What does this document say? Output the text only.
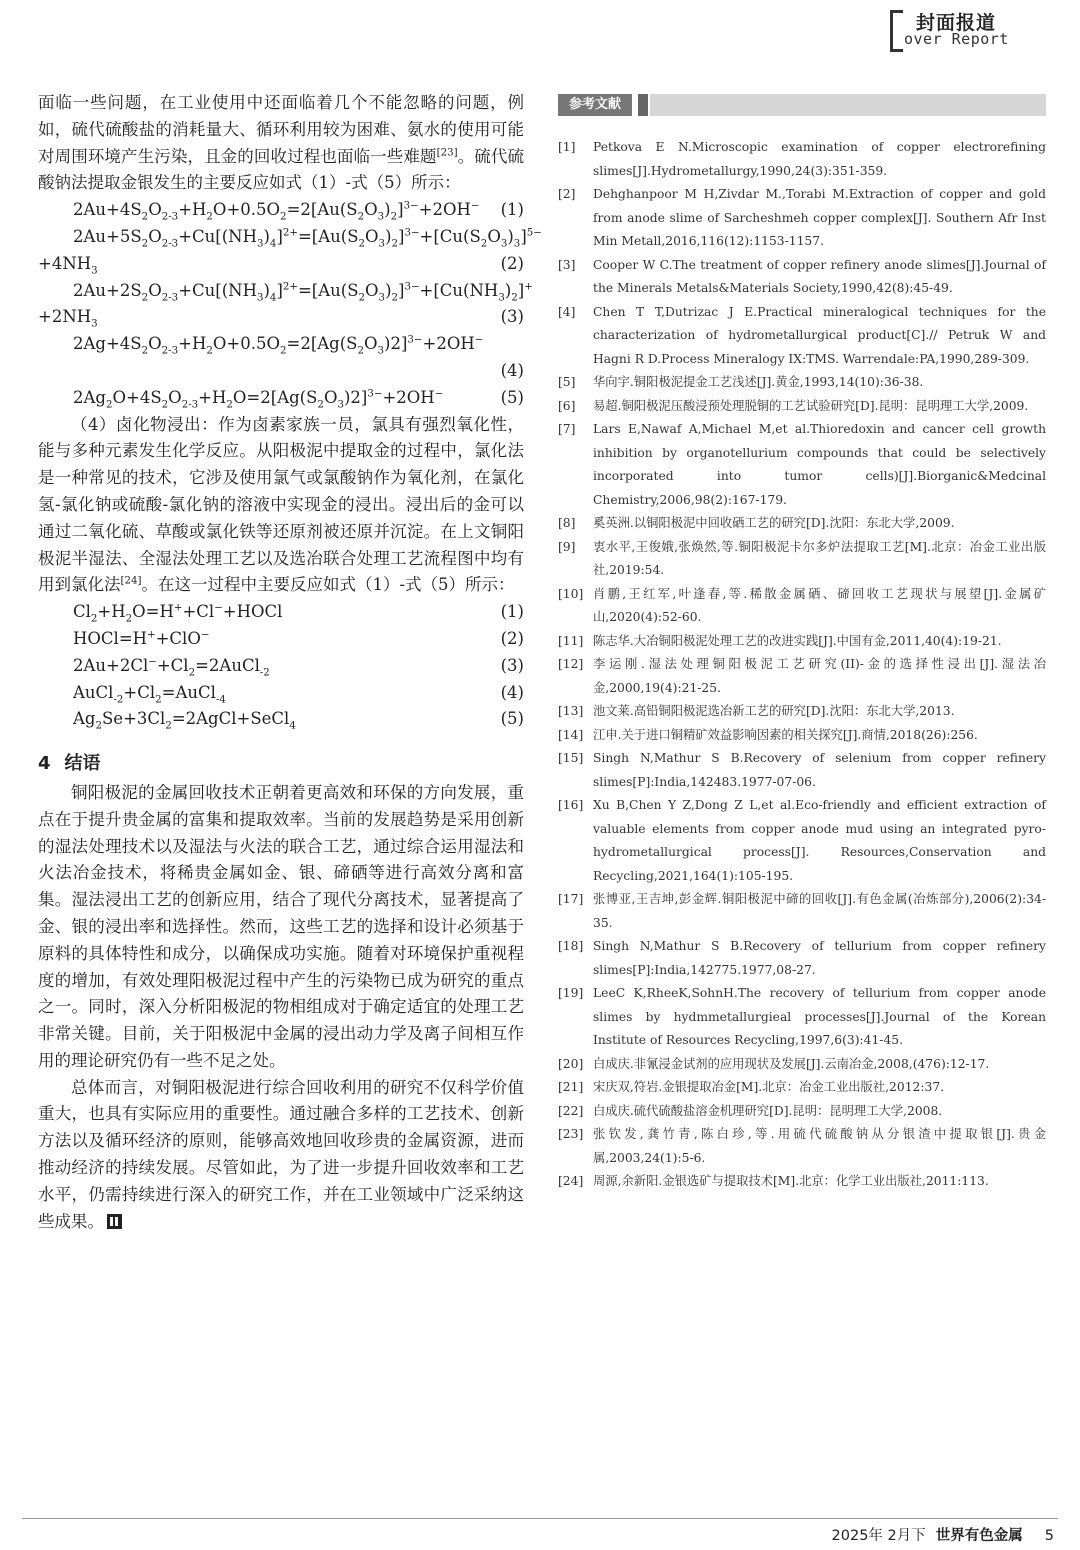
封面报道
over Report

面临一些问题，在工业使用中还面临着几个不能忽略的问题，例如，硫代硫酸盐的消耗量大、循环利用较为困难、氨水的使用可能对周围环境产生污染，且金的回收过程也面临一些难题[23]。硫代硫酸钠法提取金银发生的主要反应如式（1）-式（5）所示：

$2Au+4S_2O_{2-3}+H_2O+0.5O_2=2[Au(S_2O_3)_2]^{3-}+2OH^-$ (1)
$2Au+5S_2O_{2-3}+Cu[(NH_3)_4]^{2+}=[Au(S_2O_3)_2]^{3-}+[Cu(S_2O_3)_3]^{5-}$
$+4NH_3$	(2)
$2Au+2S_2O_{2-3}+Cu[(NH_3)_4]^{2+}=[Au(S_2O_3)_2]^{3-}+[Cu(NH_3)_2]^+$
$+2NH_3$	(3)
$2Ag+4S_2O_{2-3}+H_2O+0.5O_2=2[Ag(S_2O_3)2]^{3-}+2OH^-$
(4)
$2Ag_2O+4S_2O_{2-3}+H_2O=2[Ag(S_2O_3)2]^{3-}+2OH^-$	(5)

（4）卤化物浸出：作为卤素家族一员，氯具有强烈氧化性，能与多种元素发生化学反应。从阳极泥中提取金的过程中，氯化法是一种常见的技术，它涉及使用氯气或氯酸钠作为氧化剂，在氯化氢-氯化钠或硫酸-氯化钠的溶液中实现金的浸出。浸出后的金可以通过二氧化硫、草酸或氯化铁等还原剂被还原并沉淀。在上文铜阳极泥半湿法、全湿法处理工艺以及选冶联合处理工艺流程图中均有用到氯化法[24]。在这一过程中主要反应如式（1）-式（5）所示：

$Cl_2+H_2O=H^++Cl^-+HOCl$	(1)
HOCl=H++ClO−	(2)
$2Au+2Cl^-+Cl_2=2AuCl_{-2}$	(3)
$AuCl_{-2}+Cl_2=AuCl_{-4}$	(4)
$Ag_2Se+3Cl_2=2AgCl+SeCl_4$	(5)
4 结语

铜阳极泥的金属回收技术正朝着更高效和环保的方向发展，重点在于提升贵金属的富集和提取效率。当前的发展趋势是采用创新的湿法处理技术以及湿法与火法的联合工艺，通过综合运用湿法和火法冶金技术，将稀贵金属如金、银、碲硒等进行高效分离和富集。湿法浸出工艺的创新应用，结合了现代分离技术，显著提高了金、银的浸出率和选择性。然而，这些工艺的选择和设计必须基于原料的具体特性和成分，以确保成功实施。随着对环境保护重视程度的增加，有效处理阳极泥过程中产生的污染物已成为研究的重点之一。同时，深入分析阳极泥的物相组成对于确定适宜的处理工艺非常关键。目前，关于阳极泥中金属的浸出动力学及离子间相互作用的理论研究仍有一些不足之处。

总体而言，对铜阳极泥进行综合回收利用的研究不仅科学价值重大，也具有实际应用的重要性。通过融合多样的工艺技术、创新方法以及循环经济的原则，能够高效地回收珍贵的金属资源，进而推动经济的持续发展。尽管如此，为了进一步提升回收效率和工艺水平，仍需持续进行深入的研究工作，并在工业领域中广泛采纳这些成果。

参考文献
[1] Petkova E N.Microscopic examination of copper electrorefining slimes[J].Hydrometallurgy,1990,24(3):351-359.
[2] Dehghanpoor M H,Zivdar M.,Torabi M.Extraction of copper and gold from anode slime of Sarcheshmeh copper complex[J]. Southern Afr Inst Min Metall,2016,116(12):1153-1157.
[3] Cooper W C.The treatment of copper refinery anode slimes[J].Journal of the Minerals Metals&Materials Society,1990,42(8):45-49.
[4] Chen T T,Dutrizac J E.Practical mineralogical techniques for the characterization of hydrometallurgical product[C].// Petruk W and Hagni R D.Process Mineralogy IX:TMS. Warrendale:PA,1990,289-309.
[5] 华向宇.铜阳极泥提金工艺浅述[J].黄金,1993,14(10):36-38.
[6] 易超.铜阳极泥压酸浸预处理脱铜的工艺试验研究[D].昆明：昆明理工大学,2009.
[7] Lars E,Nawaf A,Michael M,et al.Thioredoxin and cancer cell growth inhibition by organotellurium compounds that could be selectively incorporated into tumor cells)[J].Biorganic&Medcinal Chemistry,2006,98(2):167-179.
[8] 奚英洲.以铜阳极泥中回收硒工艺的研究[D].沈阳：东北大学,2009.
[9] 衷水平,王俊娥,张焕然,等.铜阳极泥卡尔多炉法提取工艺[M].北京：冶金工业出版社,2019:54.
[10] 肖鹏,王红军,叶逢春,等.稀散金属硒、碲回收工艺现状与展望[J].金属矿山,2020(4):52-60.
[11] 陈志华.大冶铜阳极泥处理工艺的改进实践[J].中国有金,2011,40(4):19-21.
[12] 李运刚.湿法处理铜阳极泥工艺研究(II)-金的选择性浸出[J].湿法冶金,2000,19(4):21-25.
[13] 池文莱.高铅铜阳极泥选冶新工艺的研究[D].沈阳：东北大学,2013.
[14] 江申.关于进口铜精矿效益影响因素的相关探究[J].商情,2018(26):256.
[15] Singh N,Mathur S B.Recovery of selenium from copper refinery slimes[P]:India,142483.1977-07-06.
[16] Xu B,Chen Y Z,Dong Z L,et al.Eco-friendly and efficient extraction of valuable elements from copper anode mud using an integrated pyro-hydrometallurgical process[J]. Resources,Conservation and Recycling,2021,164(1):105-195.
[17] 张博亚,王吉坤,彭金辉.铜阳极泥中碲的回收[J].有色金属(冶炼部分),2006(2):34-35.
[18] Singh N,Mathur S B.Recovery of tellurium from copper refinery slimes[P]:India,142775.1977,08-27.
[19] LeeC K,RheeK,SohnH.The recovery of tellurium from copper anode slimes by hydmmetallurgieal processes[J].Journal of the Korean Institute of Resources Recycling,1997,6(3):41-45.
[20] 白成庆.非氰浸金试剂的应用现状及发展[J].云南冶金,2008,(476):12-17.
[21] 宋庆双,符岩.金银提取冶金[M].北京：冶金工业出版社,2012:37.
[22] 白成庆.硫代硫酸盐溶金机理研究[D].昆明：昆明理工大学,2008.
[23] 张钦发,龚竹青,陈白珍,等.用硫代硫酸钠从分银渣中提取银[J].贵金属,2003,24(1):5-6.
[24] 周源,余新阳.金银选矿与提取技术[M].北京：化学工业出版社,2011:113.
2025年 2月下 世界有色金属 5
